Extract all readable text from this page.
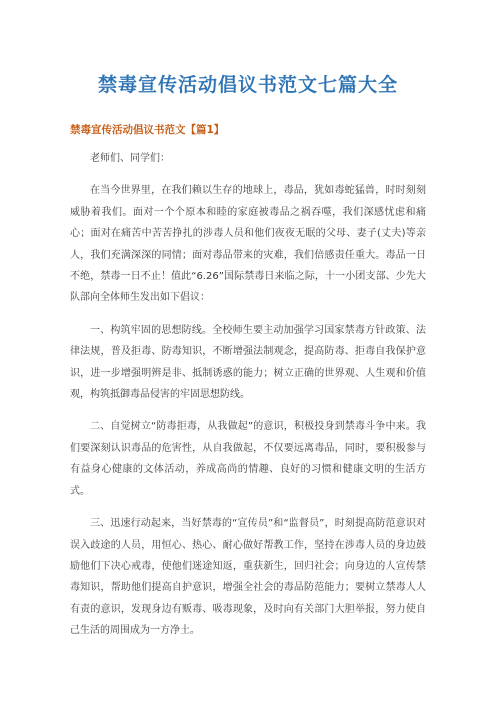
禁毒宣传活动倡议书范文七篇大全
禁毒宣传活动倡议书范文【篇1】

老师们、同学们：

在当今世界里，在我们赖以生存的地球上，毒品，犹如毒蛇猛兽，时时刻刻威胁着我们。面对一个个原本和睦的家庭被毒品之祸吞噬，我们深感忧虑和痛心；面对在痛苦中苦苦挣扎的涉毒人员和他们夜夜无眠的父母、妻子(丈夫)等亲人，我们充满深深的同情；面对毒品带来的灾难，我们倍感责任重大。毒品一日不绝，禁毒一日不止！值此“6.26”国际禁毒日来临之际，十一小团支部、少先大队部向全体师生发出如下倡议：

一、构筑牢固的思想防线。全校师生要主动加强学习国家禁毒方针政策、法律法规，普及拒毒、防毒知识，不断增强法制观念，提高防毒、拒毒自我保护意识，进一步增强明辨是非、抵制诱惑的能力；树立正确的世界观、人生观和价值观，构筑抵御毒品侵害的牢固思想防线。

二、自觉树立“防毒拒毒，从我做起”的意识，积极投身到禁毒斗争中来。我们要深刻认识毒品的危害性，从自我做起，不仅要远离毒品，同时，要积极参与有益身心健康的文体活动，养成高尚的情趣、良好的习惯和健康文明的生活方式。

三、迅速行动起来，当好禁毒的“宣传员”和“监督员”，时刻提高防范意识对误入歧途的人员，用恒心、热心、耐心做好帮教工作，坚持在涉毒人员的身边鼓励他们下决心戒毒，使他们迷途知返，重获新生，回归社会；向身边的人宣传禁毒知识，帮助他们提高自护意识，增强全社会的毒品防范能力；要树立禁毒人人有责的意识，发现身边有贩毒、吸毒现象，及时向有关部门大胆举报，努力使自己生活的周围成为一方净土。
